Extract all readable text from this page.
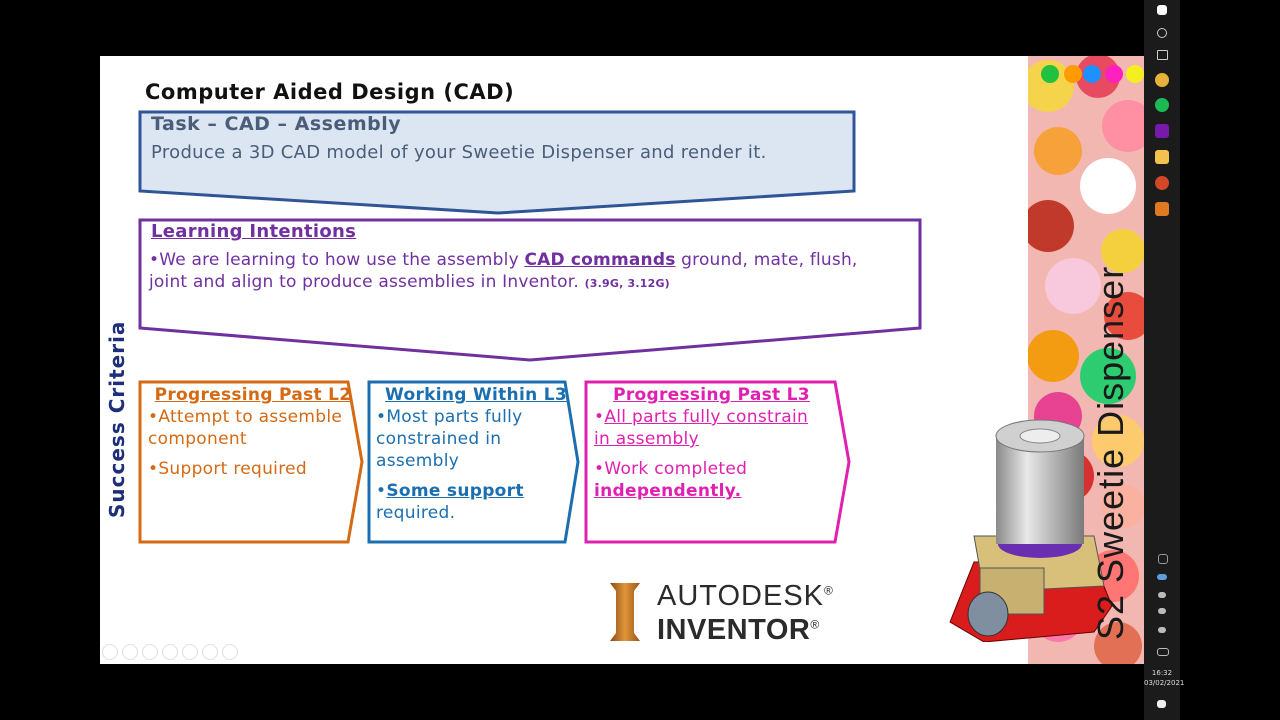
Computer Aided Design (CAD)
Task – CAD – Assembly
Produce a 3D CAD model of your Sweetie Dispenser and render it.
Learning Intentions
•We are learning to how use the assembly CAD commands ground, mate, flush, joint and align to produce assemblies in Inventor. (3.9G, 3.12G)
Success Criteria	Progressing Past L2
•Attempt to assemble component
•Support required
Working Within L3
•Most parts fully constrained in assembly
•Some support required.
Progressing Past L3
•All parts fully constrain in assembly
•Work completed independently.
AUTODESK®
INVENTOR®	S2 Sweetie Dispenser
16:32
03/02/2021
